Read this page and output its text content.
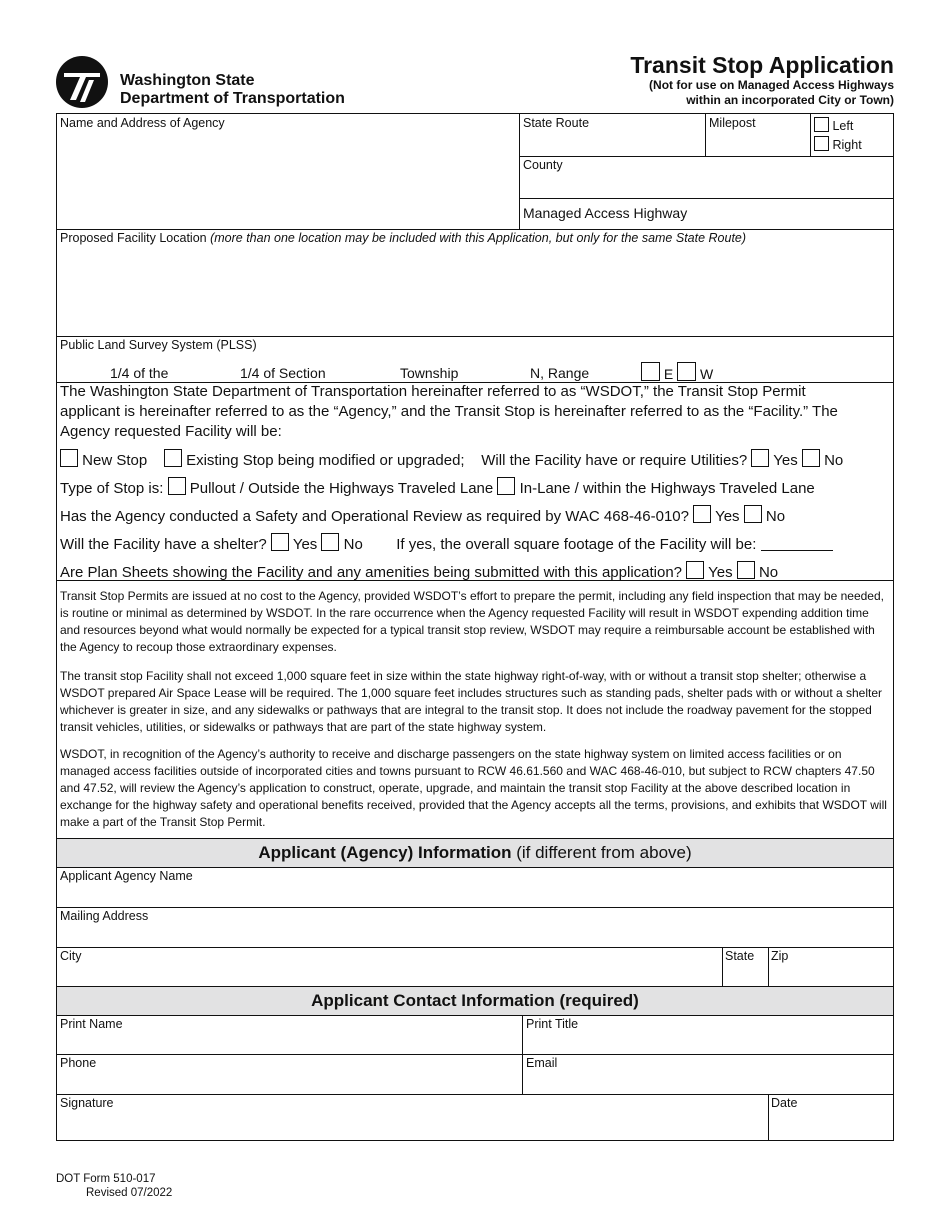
Washington State
Department of Transportation
Transit Stop Application
(Not for use on Managed Access Highways
within an incorporated City or Town)
Name and Address of Agency	State Route	Milepost	Left
Right
County
Managed Access Highway
Proposed Facility Location (more than one location may be included with this Application, but only for the same State Route)
Public Land Survey System (PLSS)
1/4 of the	1/4 of Section	Township	N, Range	E W
The Washington State Department of Transportation hereinafter referred to as “WSDOT,” the Transit Stop Permit
applicant is hereinafter referred to as the “Agency,” and the Transit Stop is hereinafter referred to as the “Facility.” The
Agency requested Facility will be:
New Stop	Existing Stop being modified or upgraded; Will the Facility have or require Utilities? Yes No
Type of Stop is: Pullout / Outside the Highways Traveled Lane In-Lane / within the Highways Traveled Lane
Has the Agency conducted a Safety and Operational Review as required by WAC 468-46-010? Yes No
Will the Facility have a shelter? Yes No If yes, the overall square footage of the Facility will be:
Are Plan Sheets showing the Facility and any amenities being submitted with this application? Yes No
Transit Stop Permits are issued at no cost to the Agency, provided WSDOT’s effort to prepare the permit, including any field inspection that may be needed, is routine or minimal as determined by WSDOT. In the rare occurrence when the Agency requested Facility will result in WSDOT expending addition time and resources beyond what would normally be expected for a typical transit stop review, WSDOT may require a reimbursable account be established with the Agency to recoup those extraordinary expenses.
The transit stop Facility shall not exceed 1,000 square feet in size within the state highway right-of-way, with or without a transit stop shelter; otherwise a WSDOT prepared Air Space Lease will be required. The 1,000 square feet includes structures such as standing pads, shelter pads with or without a shelter whichever is greater in size, and any sidewalks or pathways that are integral to the transit stop. It does not include the roadway pavement for the stopped transit vehicles, utilities, or sidewalks or pathways that are part of the state highway system.
WSDOT, in recognition of the Agency’s authority to receive and discharge passengers on the state highway system on limited access facilities or on managed access facilities outside of incorporated cities and towns pursuant to RCW 46.61.560 and WAC 468-46-010, but subject to RCW chapters 47.50 and 47.52, will review the Agency’s application to construct, operate, upgrade, and maintain the transit stop Facility at the above described location in exchange for the highway safety and operational benefits received, provided that the Agency accepts all the terms, provisions, and exhibits that WSDOT will make a part of the Transit Stop Permit.
Applicant (Agency) Information (if different from above)
Applicant Agency Name
Mailing Address
City	State Zip
Applicant Contact Information (required)
Print Name	Print Title
Phone	Email
Signature	Date
DOT Form 510-017
Revised 07/2022
